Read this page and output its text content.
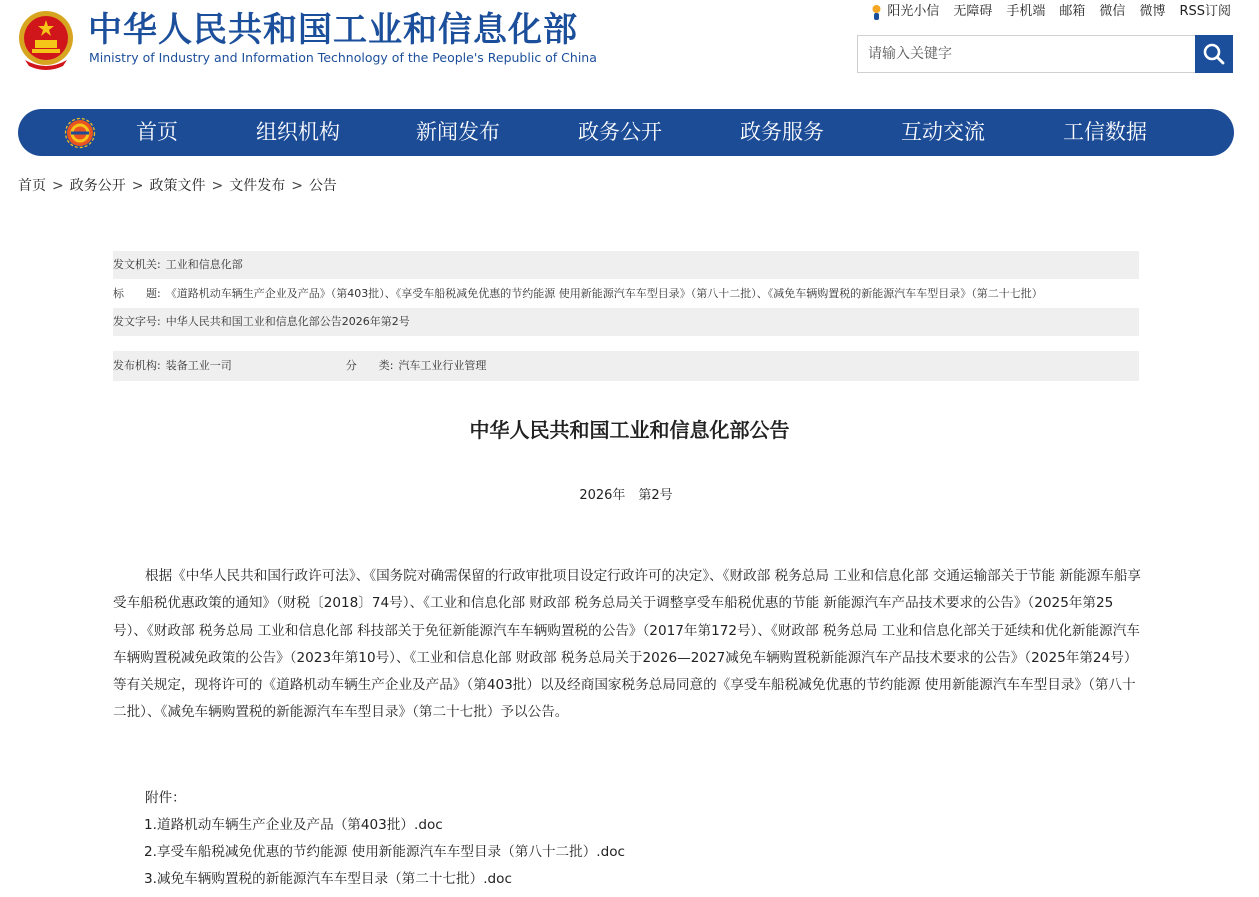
中华人民共和国工业和信息化部
Ministry of Industry and Information Technology of the People's Republic of China
阳光小信 无障碍 手机端 邮箱 微信 微博 RSS订阅
请输入关键字
首页	组织机构	新闻发布	政务公开	政务服务	互动交流	工信数据
首页 > 政务公开 > 政策文件 > 文件发布 > 公告
发文机关: 工业和信息化部
标　　题: 《道路机动车辆生产企业及产品》（第403批）、《享受车船税减免优惠的节约能源 使用新能源汽车车型目录》（第八十二批）、《减免车辆购置税的新能源汽车车型目录》（第二十七批）
发文字号: 中华人民共和国工业和信息化部公告2026年第2号
发布机构: 装备工业一司	分　　类: 汽车工业行业管理
中华人民共和国工业和信息化部公告
2026年　第2号
根据《中华人民共和国行政许可法》、《国务院对确需保留的行政审批项目设定行政许可的决定》、《财政部 税务总局 工业和信息化部 交通运输部关于节能 新能源车船享受车船税优惠政策的通知》（财税〔2018〕74号）、《工业和信息化部 财政部 税务总局关于调整享受车船税优惠的节能 新能源汽车产品技术要求的公告》（2025年第25号）、《财政部 税务总局 工业和信息化部 科技部关于免征新能源汽车车辆购置税的公告》（2017年第172号）、《财政部 税务总局 工业和信息化部关于延续和优化新能源汽车车辆购置税减免政策的公告》（2023年第10号）、《工业和信息化部 财政部 税务总局关于2026—2027减免车辆购置税新能源汽车产品技术要求的公告》（2025年第24号）等有关规定，现将许可的《道路机动车辆生产企业及产品》（第403批）以及经商国家税务总局同意的《享受车船税减免优惠的节约能源 使用新能源汽车车型目录》（第八十二批）、《减免车辆购置税的新能源汽车车型目录》（第二十七批）予以公告。
附件：
1.道路机动车辆生产企业及产品（第403批）.doc
2.享受车船税减免优惠的节约能源 使用新能源汽车车型目录（第八十二批）.doc
3.减免车辆购置税的新能源汽车车型目录（第二十七批）.doc
